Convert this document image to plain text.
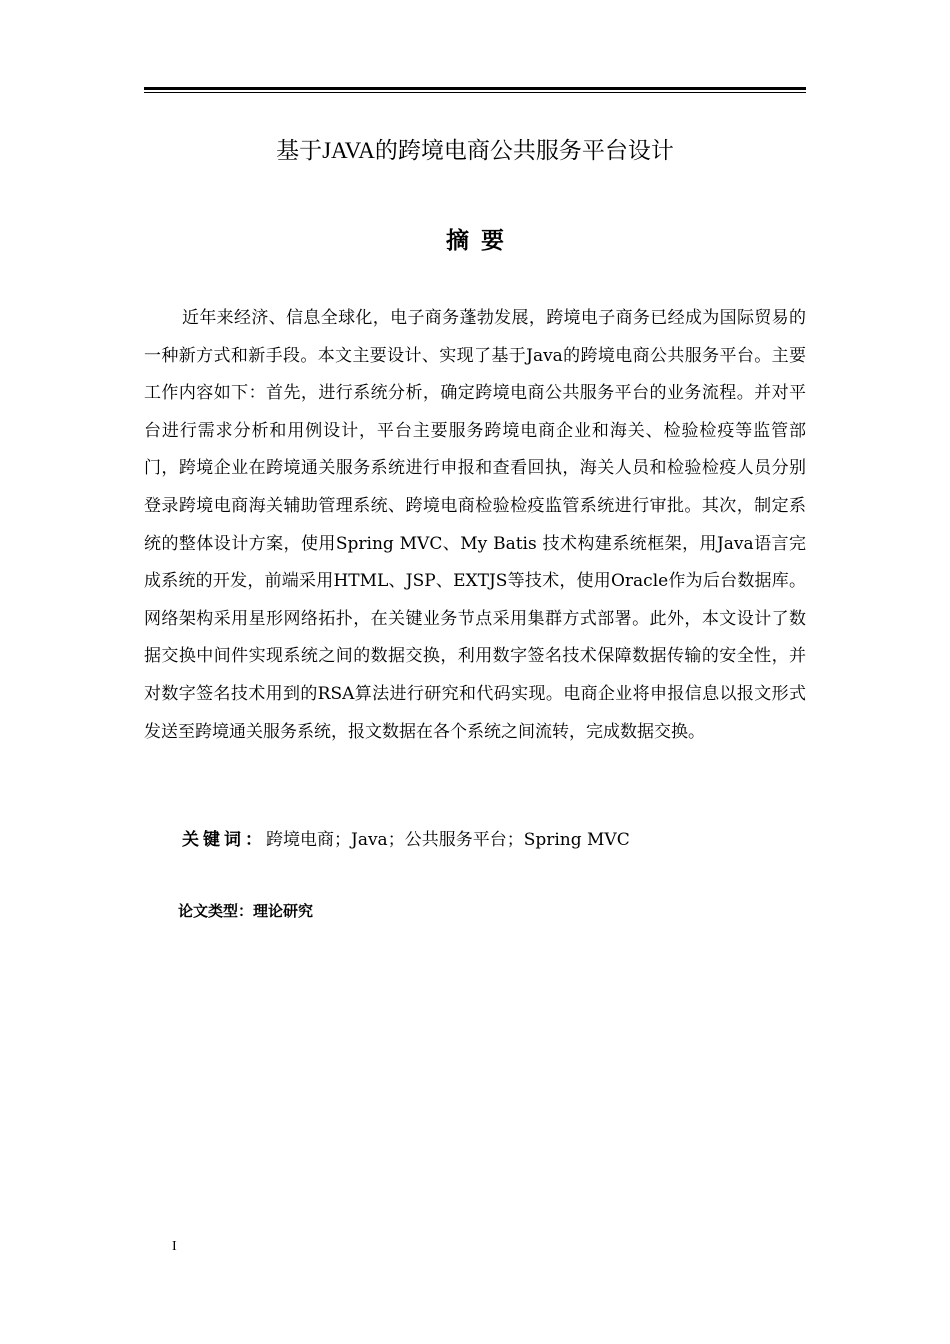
基于JAVA的跨境电商公共服务平台设计
摘要

近年来经济、信息全球化，电子商务蓬勃发展，跨境电子商务已经成为国际贸易的一种新方式和新手段。本文主要设计、实现了基于Java的跨境电商公共服务平台。主要工作内容如下：首先，进行系统分析，确定跨境电商公共服务平台的业务流程。并对平台进行需求分析和用例设计，平台主要服务跨境电商企业和海关、检验检疫等监管部门，跨境企业在跨境通关服务系统进行申报和查看回执，海关人员和检验检疫人员分别登录跨境电商海关辅助管理系统、跨境电商检验检疫监管系统进行审批。其次，制定系统的整体设计方案，使用Spring MVC、My Batis 技术构建系统框架，用Java语言完成系统的开发，前端采用HTML、JSP、EXTJS等技术，使用Oracle作为后台数据库。网络架构采用星形网络拓扑，在关键业务节点采用集群方式部署。此外，本文设计了数据交换中间件实现系统之间的数据交换，利用数字签名技术保障数据传输的安全性，并对数字签名技术用到的RSA算法进行研究和代码实现。电商企业将申报信息以报文形式发送至跨境通关服务系统，报文数据在各个系统之间流转，完成数据交换。

关键词：跨境电商；Java；公共服务平台；Spring MVC
论文类型：理论研究
I
